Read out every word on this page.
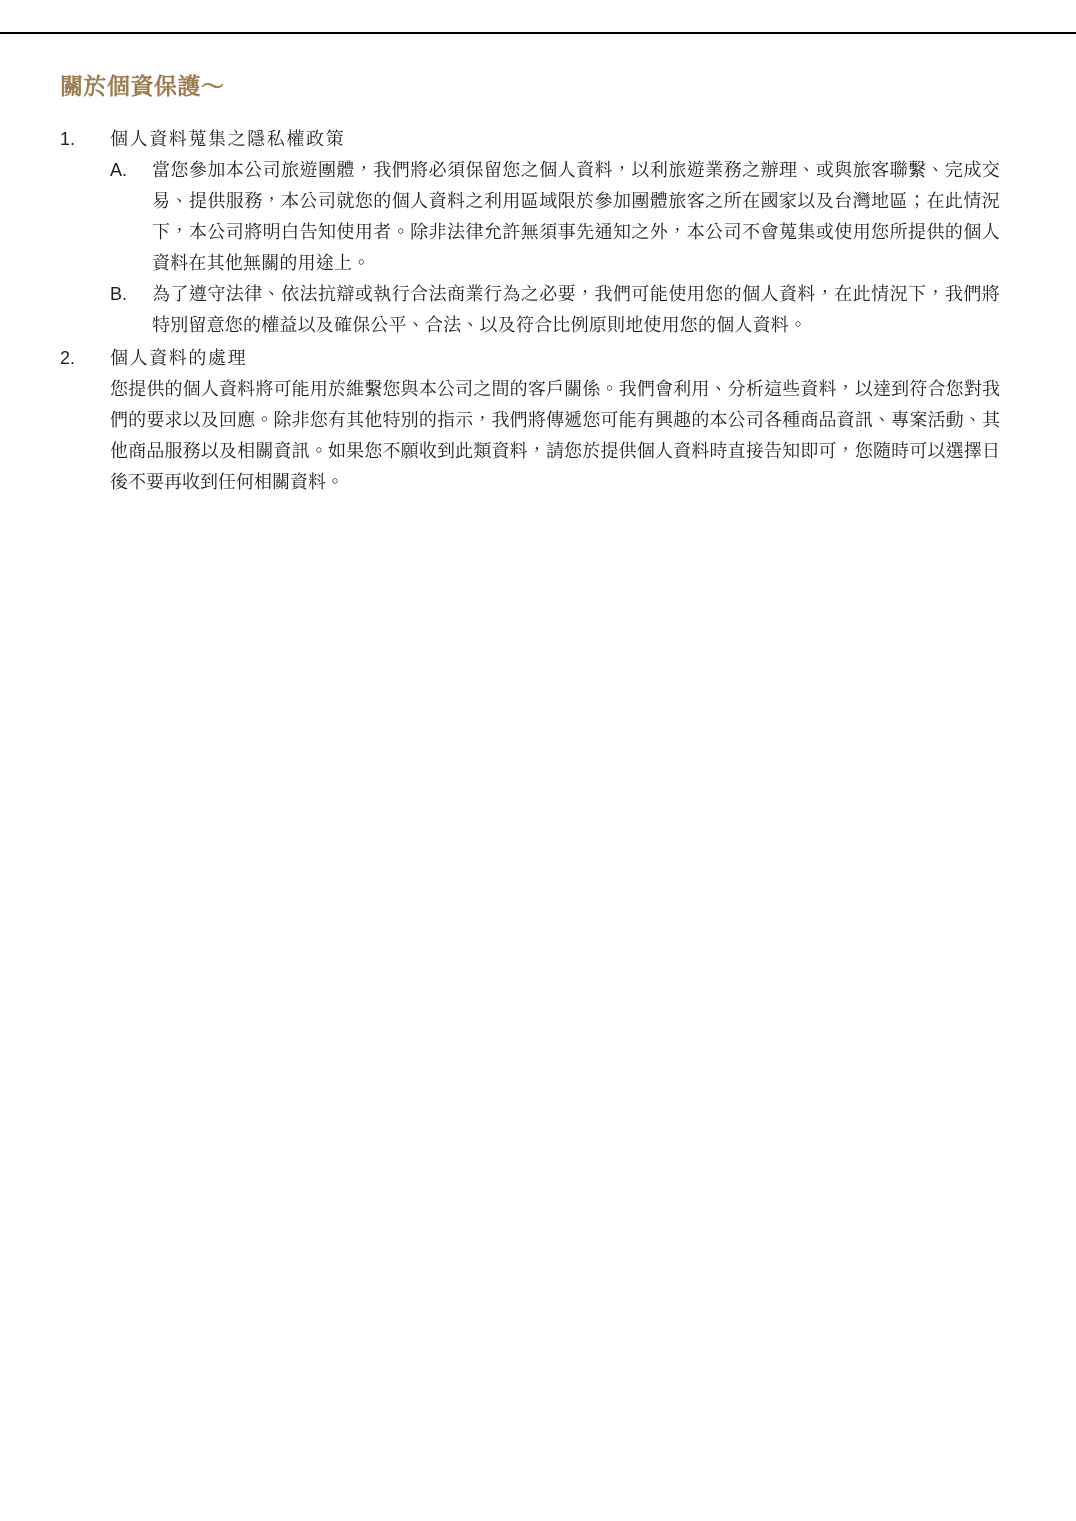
關於個資保護～
1.	個人資料蒐集之隱私權政策
A.	當您參加本公司旅遊團體，我們將必須保留您之個人資料，以利旅遊業務之辦理、或與旅客聯繫、完成交易、提供服務，本公司就您的個人資料之利用區域限於參加團體旅客之所在國家以及台灣地區；在此情況下，本公司將明白告知使用者。除非法律允許無須事先通知之外，本公司不會蒐集或使用您所提供的個人資料在其他無關的用途上。

B.	為了遵守法律、依法抗辯或執行合法商業行為之必要，我們可能使用您的個人資料，在此情況下，我們將特別留意您的權益以及確保公平、合法、以及符合比例原則地使用您的個人資料。

2.	個人資料的處理

您提供的個人資料將可能用於維繫您與本公司之間的客戶關係。我們會利用、分析這些資料，以達到符合您對我們的要求以及回應。除非您有其他特別的指示，我們將傳遞您可能有興趣的本公司各種商品資訊、專案活動、其他商品服務以及相關資訊。如果您不願收到此類資料，請您於提供個人資料時直接告知即可，您隨時可以選擇日後不要再收到任何相關資料。
